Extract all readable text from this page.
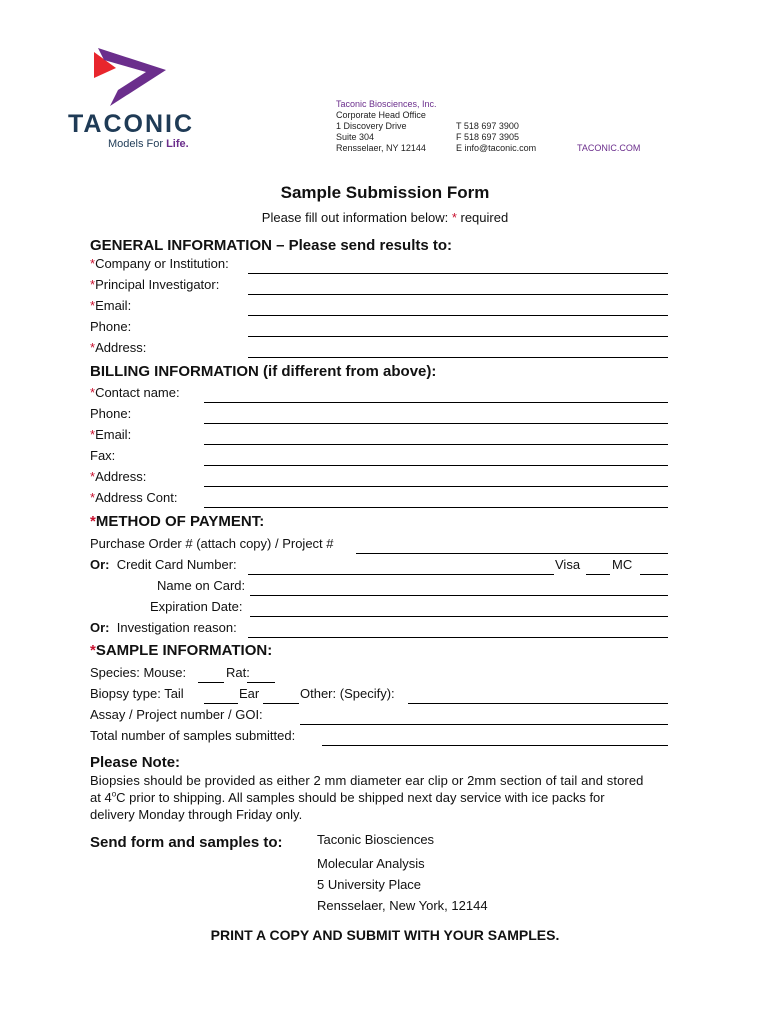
TACONIC
Models For Life.
Taconic Biosciences, Inc.
Corporate Head Office
1 Discovery Drive
Suite 304
Rensselaer, NY 12144
T 518 697 3900
F 518 697 3905
E info@taconic.com	TACONIC.COM
Sample Submission Form
Please fill out information below: * required
GENERAL INFORMATION – Please send results to:
*Company or Institution:
*Principal Investigator:
*Email:
Phone:
*Address:
BILLING INFORMATION (if different from above):
*Contact name:
Phone:
*Email:
Fax:
*Address:
*Address Cont:
*METHOD OF PAYMENT:
Purchase Order # (attach copy) / Project #
Or: Credit Card Number:	Visa MC
Name on Card:
Expiration Date:
Or: Investigation reason:
*SAMPLE INFORMATION:
Species: Mouse:	Rat:
Biopsy type: Tail	Ear	Other: (Specify):
Assay / Project number / GOI:
Total number of samples submitted:
Please Note:
Biopsies should be provided as either 2 mm diameter ear clip or 2mm section of tail and stored
at 4$^o$C prior to shipping. All samples should be shipped next day service with ice packs for
delivery Monday through Friday only.
Send form and samples to:	Taconic Biosciences
Molecular Analysis
5 University Place
Rensselaer, New York, 12144
PRINT A COPY AND SUBMIT WITH YOUR SAMPLES.
